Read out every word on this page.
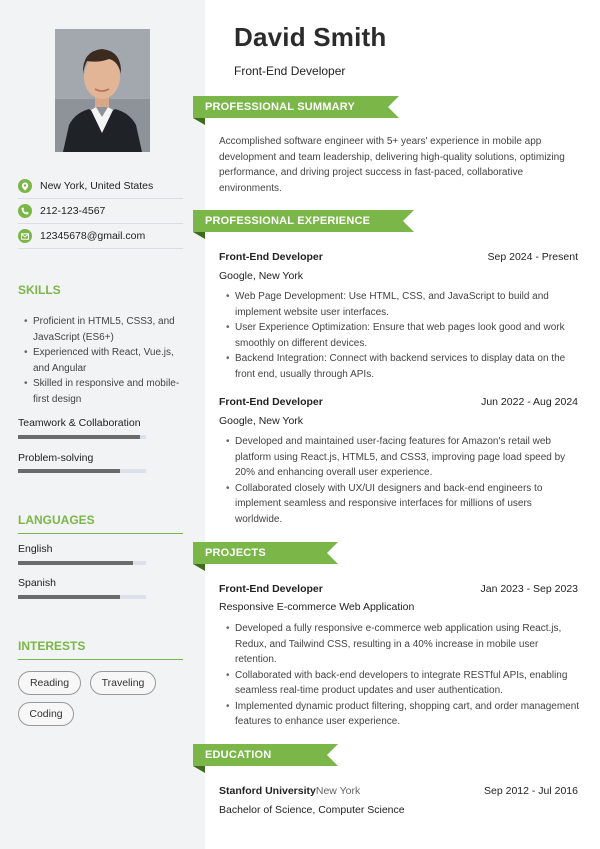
New York, United States
212-123-4567
12345678@gmail.com
SKILLS
• Proficient in HTML5, CSS3, and JavaScript (ES6+)
• Experienced with React, Vue.js, and Angular
• Skilled in responsive and mobile-first design
Teamwork & Collaboration
Problem-solving
LANGUAGES
English
Spanish
INTERESTS
Reading	Traveling
Coding
David Smith
Front-End Developer
PROFESSIONAL SUMMARY
Accomplished software engineer with 5+ years' experience in mobile app development and team leadership, delivering high-quality solutions, optimizing performance, and driving project success in fast-paced, collaborative environments.
PROFESSIONAL EXPERIENCE
Front-End Developer	Sep 2024 - Present
Google, New York
• Web Page Development: Use HTML, CSS, and JavaScript to build and implement website user interfaces.
• User Experience Optimization: Ensure that web pages look good and work smoothly on different devices.
• Backend Integration: Connect with backend services to display data on the front end, usually through APIs.
Front-End Developer	Jun 2022 - Aug 2024
Google, New York
• Developed and maintained user-facing features for Amazon's retail web platform using React.js, HTML5, and CSS3, improving page load speed by 20% and enhancing overall user experience.
• Collaborated closely with UX/UI designers and back-end engineers to implement seamless and responsive interfaces for millions of users worldwide.
PROJECTS
Front-End Developer	Jan 2023 - Sep 2023
Responsive E-commerce Web Application
• Developed a fully responsive e-commerce web application using React.js, Redux, and Tailwind CSS, resulting in a 40% increase in mobile user retention.
• Collaborated with back-end developers to integrate RESTful APIs, enabling seamless real-time product updates and user authentication.
• Implemented dynamic product filtering, shopping cart, and order management features to enhance user experience.
EDUCATION
Stanford UniversityNew York	Sep 2012 - Jul 2016
Bachelor of Science, Computer Science
